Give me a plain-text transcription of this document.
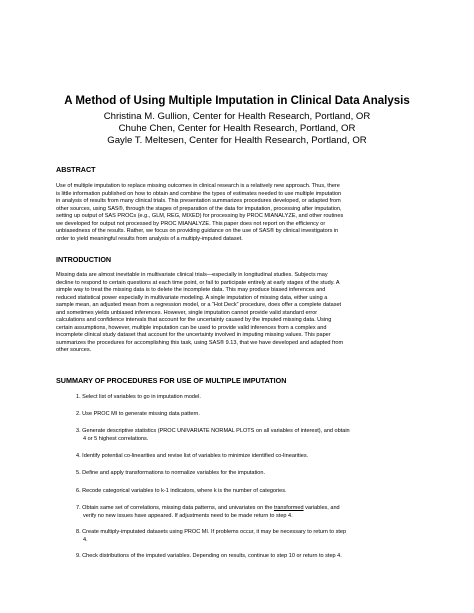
A Method of Using Multiple Imputation in Clinical Data Analysis
Christina M. Gullion, Center for Health Research, Portland, OR
Chuhe Chen, Center for Health Research, Portland, OR
Gayle T. Meltesen, Center for Health Research, Portland, OR
ABSTRACT
Use of multiple imputation to replace missing outcomes in clinical research is a relatively new approach. Thus, there
is little information published on how to obtain and combine the types of estimates needed to use multiple imputation
in analysis of results from many clinical trials. This presentation summarizes procedures developed, or adapted from
other sources, using SAS®, through the stages of preparation of the data for imputation, processing after imputation,
setting up output of SAS PROCs (e.g., GLM, REG, MIXED) for processing by PROC MIANALYZE, and other routines
we developed for output not processed by PROC MIANALYZE. This paper does not report on the efficiency or
unbiasedness of the results. Rather, we focus on providing guidance on the use of SAS® by clinical investigators in
order to yield meaningful results from analysis of a multiply-imputed dataset.
INTRODUCTION
Missing data are almost inevitable in multivariate clinical trials—especially in longitudinal studies. Subjects may
decline to respond to certain questions at each time point, or fail to participate entirely at early stages of the study. A
simple way to treat the missing data is to delete the incomplete data. This may produce biased inferences and
reduced statistical power especially in multivariate modeling. A single imputation of missing data, either using a
sample mean, an adjusted mean from a regression model, or a “Hot Deck” procedure, does offer a complete dataset
and sometimes yields unbiased inferences. However, single imputation cannot provide valid standard error
calculations and confidence intervals that account for the uncertainty caused by the imputed missing data. Using
certain assumptions, however, multiple imputation can be used to provide valid inferences from a complex and
incomplete clinical study dataset that account for the uncertainty involved in imputing missing values. This paper
summarizes the procedures for accomplishing this task, using SAS® 9.13, that we have developed and adapted from
other sources.
SUMMARY OF PROCEDURES FOR USE OF MULTIPLE IMPUTATION
1. Select list of variables to go in imputation model.
2. Use PROC MI to generate missing data pattern.
3. Generate descriptive statistics (PROC UNIVARIATE NORMAL PLOTS on all variables of interest), and obtain
4 or 5 highest correlations.
4. Identify potential co-linearities and revise list of variables to minimize identified co-linearities.
5. Define and apply transformations to normalize variables for the imputation.
6. Recode categorical variables to k-1 indicators, where k is the number of categories.
7. Obtain same set of correlations, missing data patterns, and univariates on the transformed variables, and
verify no new issues have appeared. If adjustments need to be made return to step 4.
8. Create multiply-imputated datasets using PROC MI. If problems occur, it may be necessary to return to step
4.
9. Check distributions of the imputed variables. Depending on results, continue to step 10 or return to step 4.
